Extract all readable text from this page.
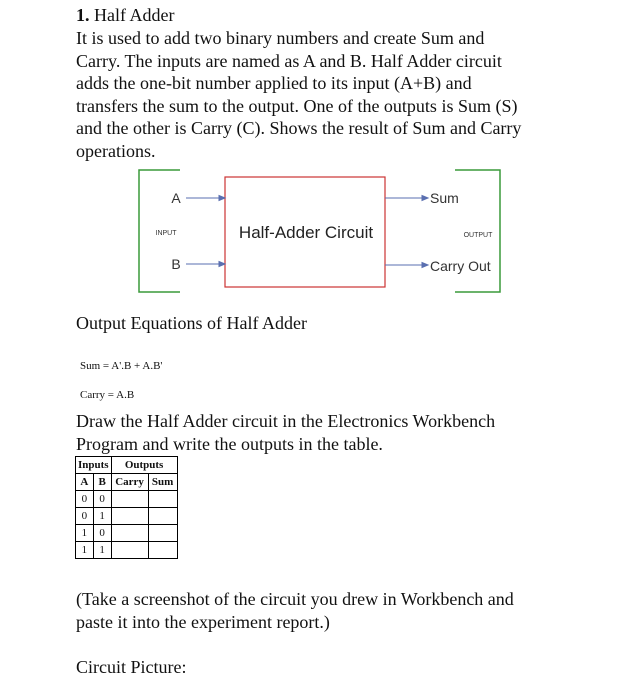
1. Half Adder
It is used to add two binary numbers and create Sum and
Carry. The inputs are named as A and B. Half Adder circuit
adds the one-bit number applied to its input (A+B) and
transfers the sum to the output. One of the outputs is Sum (S)
and the other is Carry (C). Shows the result of Sum and Carry
operations.
A
B
INPUT	Half-Adder Circuit
Sum
Carry Out
OUTPUT
Output Equations of Half Adder
Sum = A'.B + A.B'
Carry = A.B
Draw the Half Adder circuit in the Electronics Workbench
Program and write the outputs in the table.
Inputs		Outputs	
A	B	Carry	Sum
0	0		
0	1		
1	0		
1	1		
(Take a screenshot of the circuit you drew in Workbench and
paste it into the experiment report.)
Circuit Picture:
